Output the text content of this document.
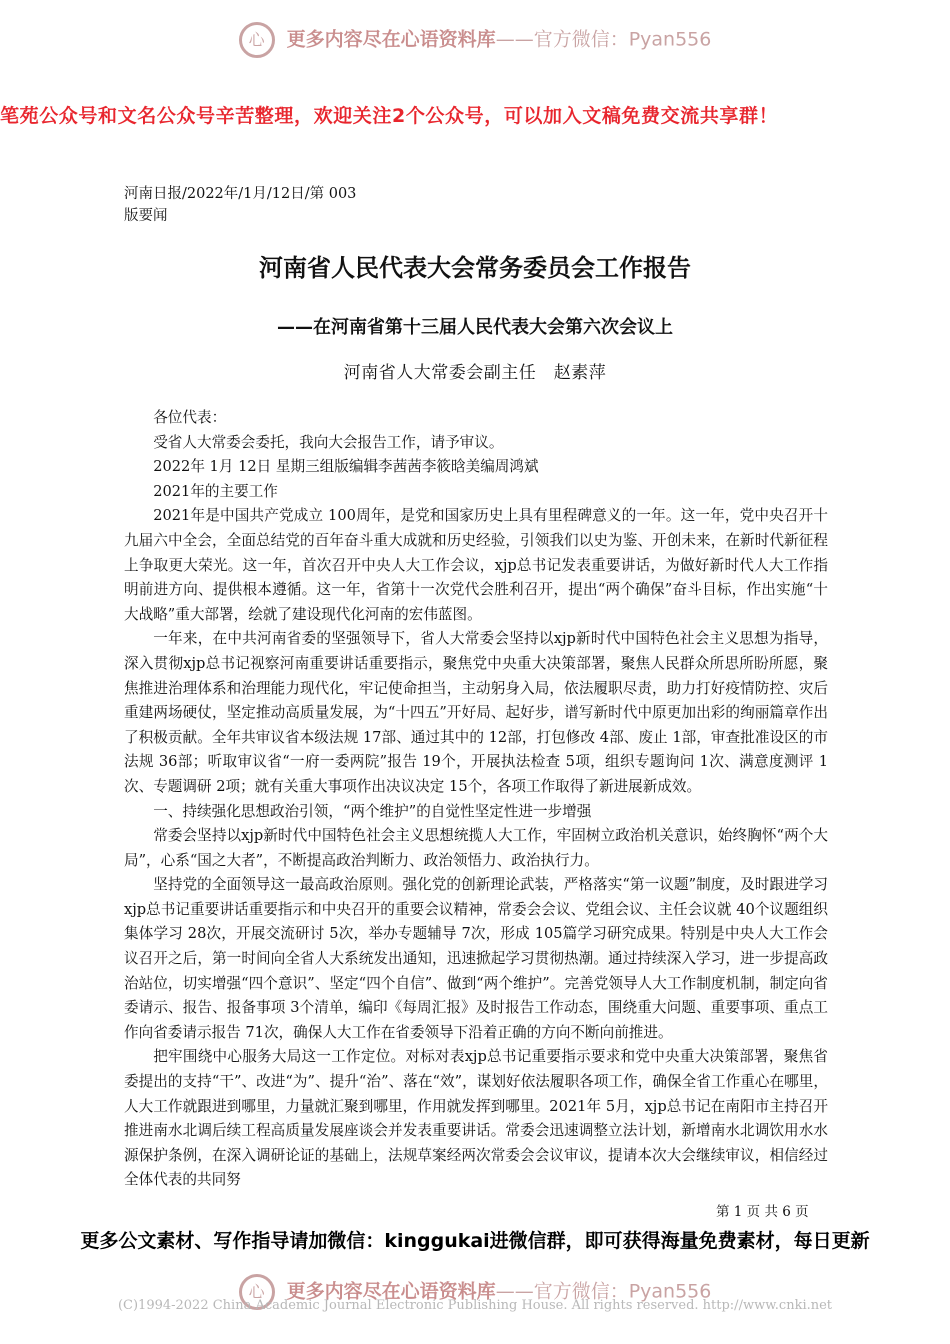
心 更多内容尽在心语资料库——官方微信：Pyan556
笔苑公众号和文名公众号辛苦整理，欢迎关注2个公众号，可以加入文稿免费交流共享群！
河南日报/2022年/1月/12日/第 003
版要闻
河南省人民代表大会常务委员会工作报告
——在河南省第十三届人民代表大会第六次会议上
河南省人大常委会副主任　赵素萍

各位代表：

受省人大常委会委托，我向大会报告工作，请予审议。

2022年 1月 12日 星期三组版编辑李茜茜李筱晗美编周鸿斌

2021年的主要工作

2021年是中国共产党成立 100周年，是党和国家历史上具有里程碑意义的一年。这一年，党中央召开十九届六中全会，全面总结党的百年奋斗重大成就和历史经验，引领我们以史为鉴、开创未来，在新时代新征程上争取更大荣光。这一年，首次召开中央人大工作会议，xjp总书记发表重要讲话，为做好新时代人大工作指明前进方向、提供根本遵循。这一年，省第十一次党代会胜利召开，提出“两个确保”奋斗目标，作出实施“十大战略”重大部署，绘就了建设现代化河南的宏伟蓝图。

一年来，在中共河南省委的坚强领导下，省人大常委会坚持以xjp新时代中国特色社会主义思想为指导，深入贯彻xjp总书记视察河南重要讲话重要指示，聚焦党中央重大决策部署，聚焦人民群众所思所盼所愿，聚焦推进治理体系和治理能力现代化，牢记使命担当，主动躬身入局，依法履职尽责，助力打好疫情防控、灾后重建两场硬仗，坚定推动高质量发展，为“十四五”开好局、起好步，谱写新时代中原更加出彩的绚丽篇章作出了积极贡献。全年共审议省本级法规 17部、通过其中的 12部，打包修改 4部、废止 1部，审查批准设区的市法规 36部；听取审议省“一府一委两院”报告 19个，开展执法检查 5项，组织专题询问 1次、满意度测评 1次、专题调研 2项；就有关重大事项作出决议决定 15个，各项工作取得了新进展新成效。

一、持续强化思想政治引领，“两个维护”的自觉性坚定性进一步增强

常委会坚持以xjp新时代中国特色社会主义思想统揽人大工作，牢固树立政治机关意识，始终胸怀“两个大局”，心系“国之大者”，不断提高政治判断力、政治领悟力、政治执行力。

坚持党的全面领导这一最高政治原则。强化党的创新理论武装，严格落实“第一议题”制度，及时跟进学习xjp总书记重要讲话重要指示和中央召开的重要会议精神，常委会会议、党组会议、主任会议就 40个议题组织集体学习 28次，开展交流研讨 5次，举办专题辅导 7次，形成 105篇学习研究成果。特别是中央人大工作会议召开之后，第一时间向全省人大系统发出通知，迅速掀起学习贯彻热潮。通过持续深入学习，进一步提高政治站位，切实增强“四个意识”、坚定“四个自信”、做到“两个维护”。完善党领导人大工作制度机制，制定向省委请示、报告、报备事项 3个清单，编印《每周汇报》及时报告工作动态，围绕重大问题、重要事项、重点工作向省委请示报告 71次，确保人大工作在省委领导下沿着正确的方向不断向前推进。

把牢围绕中心服务大局这一工作定位。对标对表xjp总书记重要指示要求和党中央重大决策部署，聚焦省委提出的支持“干”、改进“为”、提升“治”、落在“效”，谋划好依法履职各项工作，确保全省工作重心在哪里，人大工作就跟进到哪里，力量就汇聚到哪里，作用就发挥到哪里。2021年 5月，xjp总书记在南阳市主持召开推进南水北调后续工程高质量发展座谈会并发表重要讲话。常委会迅速调整立法计划，新增南水北调饮用水水源保护条例，在深入调研论证的基础上，法规草案经两次常委会会议审议，提请本次大会继续审议，相信经过全体代表的共同努

第 1 页 共 6 页
更多公文素材、写作指导请加微信：kinggukai进微信群，即可获得海量免费素材，每日更新
心 更多内容尽在心语资料库——官方微信：Pyan556
(C)1994-2022 China Academic Journal Electronic Publishing House. All rights reserved. http://www.cnki.net
